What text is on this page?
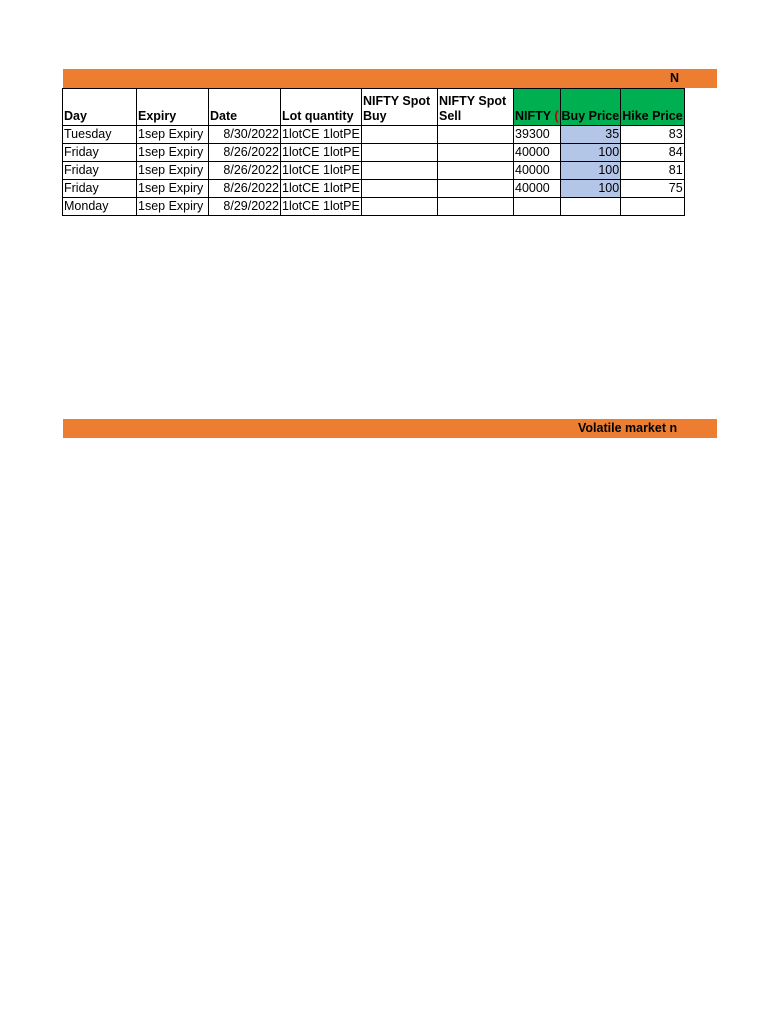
N
Day	Expiry	Date	Lot quantity	NIFTY Spot Buy	NIFTY Spot Sell	NIFTY (	Buy Price	Hike Price
Tuesday	1sep Expiry	8/30/2022	1lotCE 1lotPE			39300	35	83
Friday	1sep Expiry	8/26/2022	1lotCE 1lotPE			40000	100	84
Friday	1sep Expiry	8/26/2022	1lotCE 1lotPE			40000	100	81
Friday	1sep Expiry	8/26/2022	1lotCE 1lotPE			40000	100	75
Monday	1sep Expiry	8/29/2022	1lotCE 1lotPE					
Volatile market n
